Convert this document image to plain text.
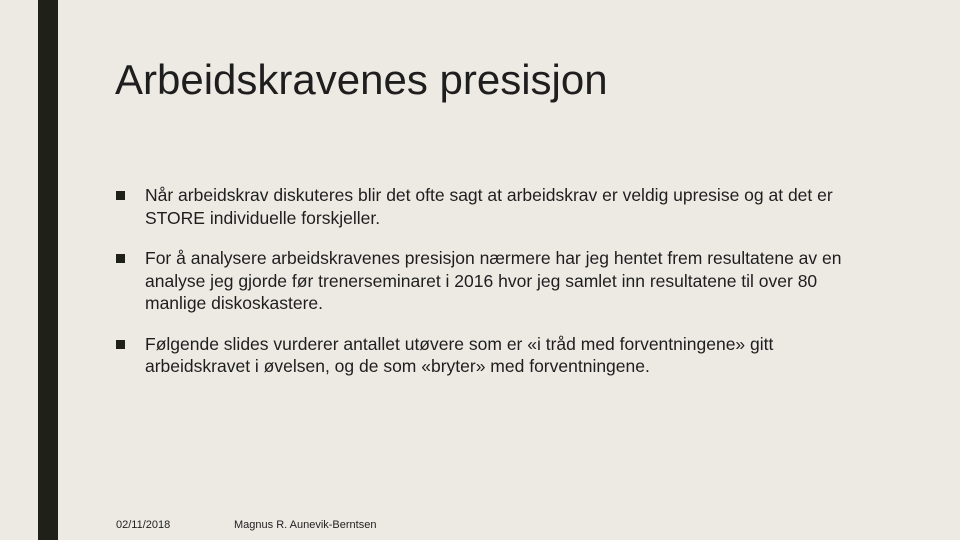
Arbeidskravenes presisjon
Når arbeidskrav diskuteres blir det ofte sagt at arbeidskrav er veldig upresise og at det er STORE individuelle forskjeller.
For å analysere arbeidskravenes presisjon nærmere har jeg hentet frem resultatene av en analyse jeg gjorde før trenerseminaret i 2016 hvor jeg samlet inn resultatene til over 80 manlige diskoskastere.
Følgende slides vurderer antallet utøvere som er «i tråd med forventningene» gitt arbeidskravet i øvelsen, og de som «bryter» med forventningene.
02/11/2018	Magnus R. Aunevik-Berntsen
